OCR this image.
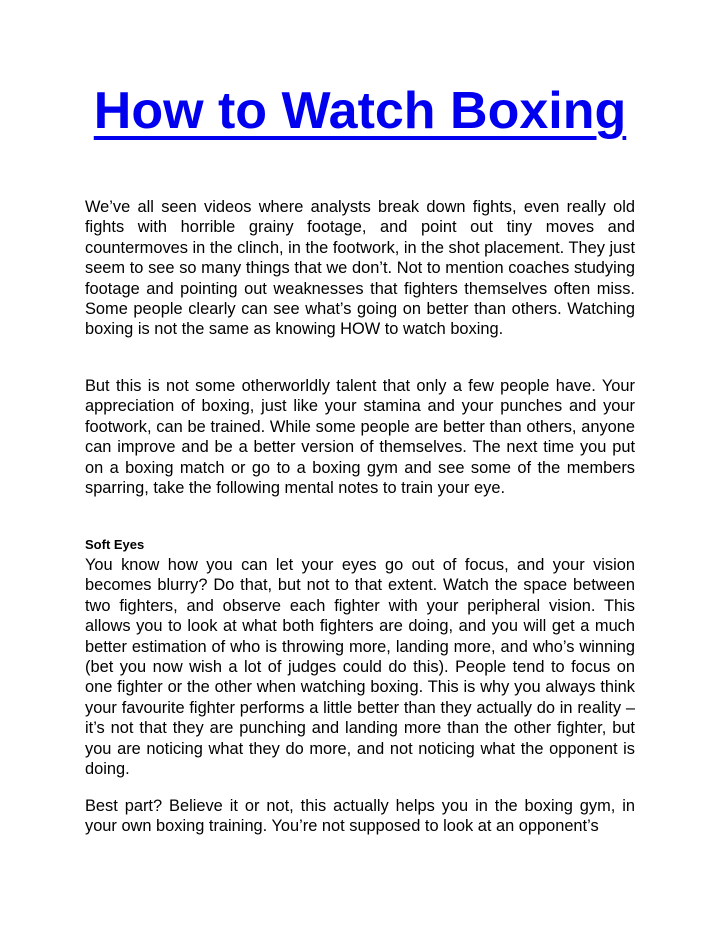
How to Watch Boxing

We’ve all seen videos where analysts break down fights, even really old fights with horrible grainy footage, and point out tiny moves and countermoves in the clinch, in the footwork, in the shot placement. They just seem to see so many things that we don’t. Not to mention coaches studying footage and pointing out weaknesses that fighters themselves often miss. Some people clearly can see what’s going on better than others. Watching boxing is not the same as knowing HOW to watch boxing.

But this is not some otherworldly talent that only a few people have. Your appreciation of boxing, just like your stamina and your punches and your footwork, can be trained. While some people are better than others, anyone can improve and be a better version of themselves. The next time you put on a boxing match or go to a boxing gym and see some of the members sparring, take the following mental notes to train your eye.

Soft Eyes

You know how you can let your eyes go out of focus, and your vision becomes blurry? Do that, but not to that extent. Watch the space between two fighters, and observe each fighter with your peripheral vision. This allows you to look at what both fighters are doing, and you will get a much better estimation of who is throwing more, landing more, and who’s winning (bet you now wish a lot of judges could do this). People tend to focus on one fighter or the other when watching boxing. This is why you always think your favourite fighter performs a little better than they actually do in reality – it’s not that they are punching and landing more than the other fighter, but you are noticing what they do more, and not noticing what the opponent is doing.

Best part? Believe it or not, this actually helps you in the boxing gym, in your own boxing training. You’re not supposed to look at an opponent’s
